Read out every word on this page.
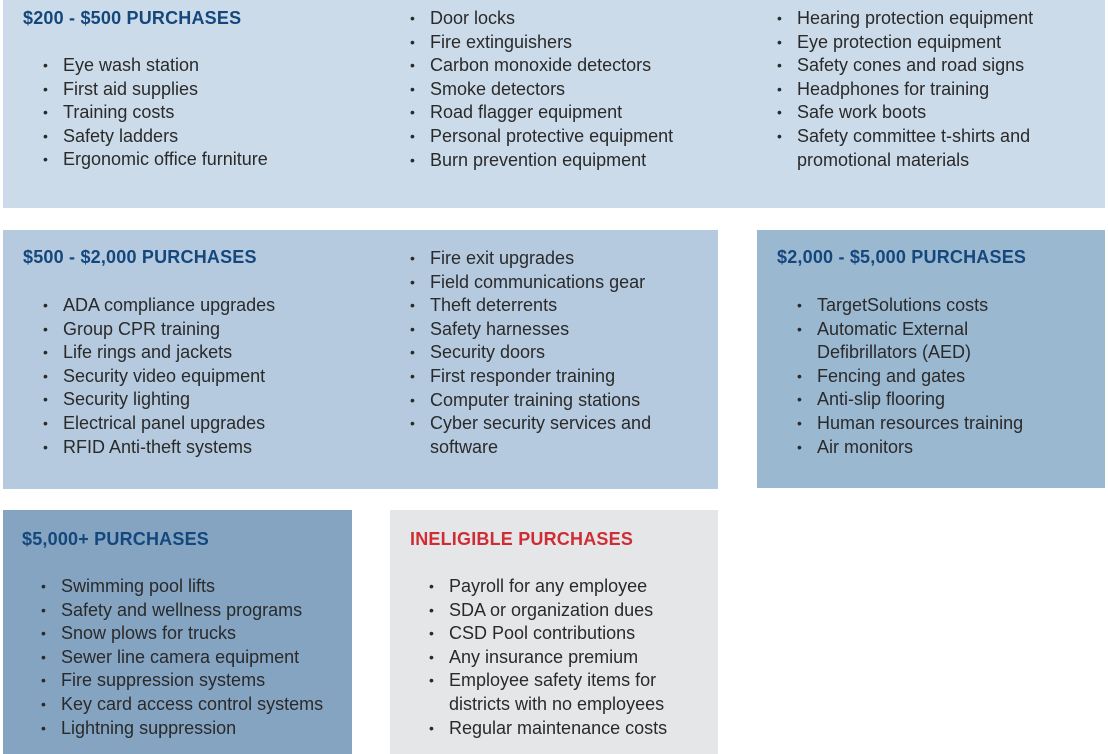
$200 - $500 PURCHASES
• Eye wash station
• First aid supplies
• Training costs
• Safety ladders
• Ergonomic office furniture
• Door locks
• Fire extinguishers
• Carbon monoxide detectors
• Smoke detectors
• Road flagger equipment
• Personal protective equipment
• Burn prevention equipment
• Hearing protection equipment
• Eye protection equipment
• Safety cones and road signs
• Headphones for training
• Safe work boots
• Safety committee t-shirts and promotional materials
$500 - $2,000 PURCHASES
• ADA compliance upgrades
• Group CPR training
• Life rings and jackets
• Security video equipment
• Security lighting
• Electrical panel upgrades
• RFID Anti-theft systems
• Fire exit upgrades
• Field communications gear
• Theft deterrents
• Safety harnesses
• Security doors
• First responder training
• Computer training stations
• Cyber security services and software
$2,000 - $5,000 PURCHASES
• TargetSolutions costs
• Automatic External Defibrillators (AED)
• Fencing and gates
• Anti-slip flooring
• Human resources training
• Air monitors
$5,000+ PURCHASES
• Swimming pool lifts
• Safety and wellness programs
• Snow plows for trucks
• Sewer line camera equipment
• Fire suppression systems
• Key card access control systems
• Lightning suppression
INELIGIBLE PURCHASES
• Payroll for any employee
• SDA or organization dues
• CSD Pool contributions
• Any insurance premium
• Employee safety items for districts with no employees
• Regular maintenance costs
